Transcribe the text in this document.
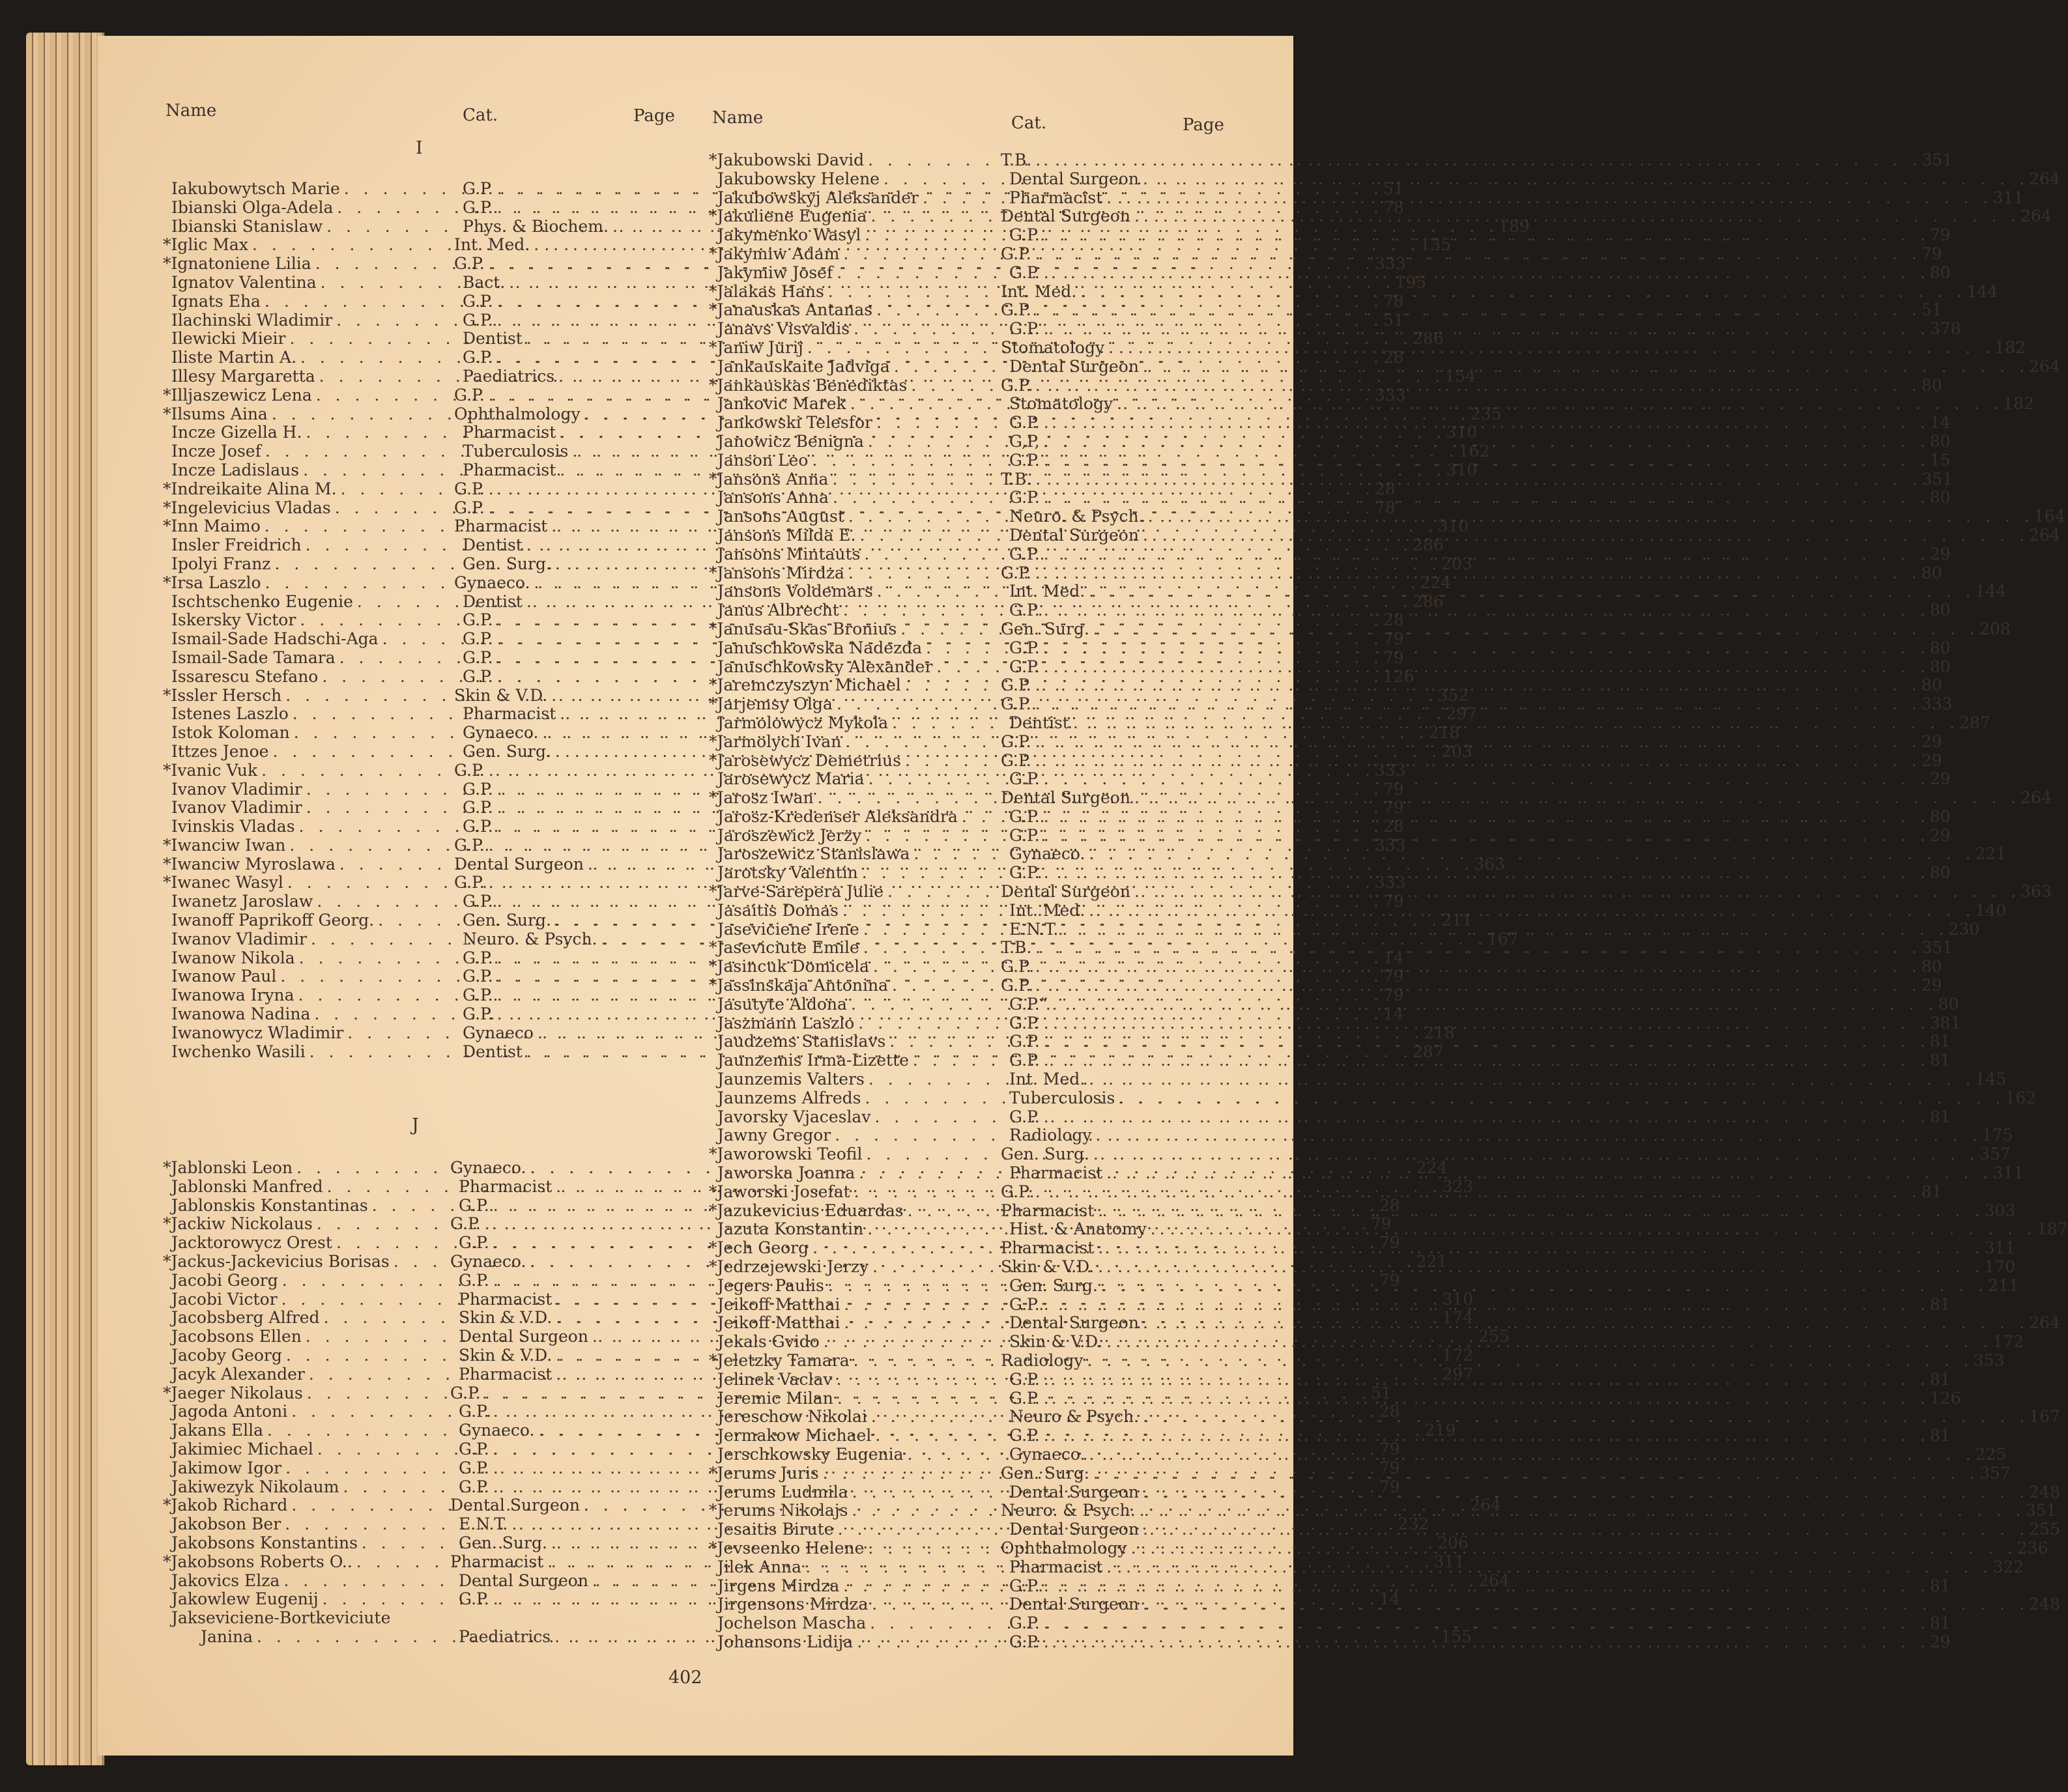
Name	Cat.	Page Name	Cat.	Page
I
J
Iakubowytsch Marie . . .	G.P. . . .	51
Ibianski Olga-Adela . . .	G.P. . . .	78
Ibianski Stanislaw . . .	Phys. & Biochem. . . .	189
*Iglic Max . . .	Int. Med. . . .	135
*Ignatoniene Lilia . . .	G.P. . . .	333
Ignatov Valentina . . .	Bact. . . .	195
Ignats Eha . . .	G.P. . . .	78
Ilachinski Wladimir . . .	G.P. . . .	51
Ilewicki Mieir . . .	Dentist . . .	286
Iliste Martin A. . . .	G.P. . . .	28
Illesy Margaretta . . .	Paediatrics . . .	154
*Illjaszewicz Lena . . .	G.P. . . .	333
*Ilsums Aina . . .	Ophthalmology . . .	235
Incze Gizella H. . . .	Pharmacist . . .	310
Incze Josef . . .	Tuberculosis . . .	162
Incze Ladislaus . . .	Pharmacist . . .	310
*Indreikaite Alina M. . . .	G.P. . . .	28
*Ingelevicius Vladas . . .	G.P. . . .	78
*Inn Maimo . . .	Pharmacist . . .	310
Insler Freidrich . . .	Dentist . . .	286
Ipolyi Franz . . .	Gen. Surg. . . .	203
*Irsa Laszlo . . .	Gynaeco. . . .	224
Ischtschenko Eugenie . . .	Dentist . . .	286
Iskersky Victor . . .	G.P. . . .	28
Ismail-Sade Hadschi-Aga . . .	G.P. . . .	79
Ismail-Sade Tamara . . .	G.P. . . .	79
Issarescu Stefano . . .	G.P. . . .	126
*Issler Hersch . . .	Skin & V.D. . . .	352
Istenes Laszlo . . .	Pharmacist . . .	297
Istok Koloman . . .	Gynaeco. . . .	218
Ittzes Jenoe . . .	Gen. Surg. . . .	203
*Ivanic Vuk . . .	G.P. . . .	333
Ivanov Vladimir . . .	G.P. . . .	79
Ivanov Vladimir . . .	G.P. . . .	79
Ivinskis Vladas . . .	G.P. . . .	28
*Iwanciw Iwan . . .	G.P. . . .	333
*Iwanciw Myroslawa . . .	Dental Surgeon . . .	363
*Iwanec Wasyl . . .	G.P. . . .	333
Iwanetz Jaroslaw . . .	G.P. . . .	79
Iwanoff Paprikoff Georg. . . .	Gen. Surg. . . .	211
Iwanov Vladimir . . .	Neuro. & Psych. . . .	167
Iwanow Nikola . . .	G.P. . . .	14
Iwanow Paul . . .	G.P. . . .	79
Iwanowa Iryna . . .	G.P. . . .	79
Iwanowa Nadina . . .	G.P. . . .	14
Iwanowycz Wladimir . . .	Gynaeco . . .	218
Iwchenko Wasili . . .	Dentist . . .	287
*Jablonski Leon . . .	Gynaeco. . . .	224
Jablonski Manfred . . .	Pharmacist . . .	323
Jablonskis Konstantinas . . .	G.P. . . .	28
*Jackiw Nickolaus . . .	G.P. . . .	79
Jacktorowycz Orest . . .	G.P. . . .	79
*Jackus-Jackevicius Borisas . . .	Gynaeco. . . .	221
Jacobi Georg . . .	G.P. . . .	79
Jacobi Victor . . .	Pharmacist . . .	310
Jacobsberg Alfred . . .	Skin & V.D. . . .	174
Jacobsons Ellen . . .	Dental Surgeon . . .	255
Jacoby Georg . . .	Skin & V.D. . . .	172
Jacyk Alexander . . .	Pharmacist . . .	297
*Jaeger Nikolaus . . .	G.P. . . .	51
Jagoda Antoni . . .	G.P. . . .	28
Jakans Ella . . .	Gynaeco. . . .	219
Jakimiec Michael . . .	G.P. . . .	79
Jakimow Igor . . .	G.P. . . .	79
Jakiwezyk Nikolaum . . .	G.P. . . .	79
*Jakob Richard . . .	Dental Surgeon . . .	264
Jakobson Ber . . .	E.N.T. . . .	232
Jakobsons Konstantins . . .	Gen. Surg. . . .	206
*Jakobsons Roberts O.. . . .	Pharmacist . . .	311
Jakovics Elza . . .	Dental Surgeon . . .	264
Jakowlew Eugenij . . .	G.P. . . .	14
Jakseviciene-Bortkeviciute
Janina . . .	Paediatrics . . .	155
*Jakubowski David . . .	T.B. . . .	351
Jakubowsky Helene . . .	Dental Surgeon . . .	264
Jakubowskyj Aleksander . . .	Pharmacist . . .	311
*Jakuliene Eugenia . . .	Dental Surgeon . . .	264
Jakymenko Wasyl . . .	G.P. . . .	79
*Jakymiw Adam . . .	G.P. . . .	79
Jakymiw Josef . . .	G.P. . . .	80
*Jalakas Hans . . .	Int. Med. . . .	144
*Janauskas Antanas . . .	G.P. . . .	51
Janavs Visvaldis . . .	G.P. . . .	378
*Janiw Jurij . . .	Stomatology . . .	182
Jankauskaite Jadviga . . .	Dental Surgeon . . .	264
*Jankauskas Benediktas . . .	G.P. . . .	80
Jankovic Marek . . .	Stomatology . . .	182
Jankowski Telesfor . . .	G.P. . . .	14
Janowicz Benigna . . .	G,P, . . .	80
Janson Leo . . .	G.P. . . .	15
*Jansons Anna . . .	T.B. . . .	351
Jansons Anna . . .	G.P. . . .	80
Jansons August . . .	Neuro. & Psych. . . .	164
Jansons Milda E. . . .	Dental Surgeon . . .	264
Jansons Mintauts . . .	G.P. . . .	29
*Jansons Mirdza . . .	G.P. . . .	80
Jansons Voldemars . . .	Int. Med. . . .	144
Janus Albrecht . . .	G.P. . . .	80
*Janusau-Skas Bronius . . .	Gen. Surg. . . .	208
Januschkowska Nadezda . . .	G.P. . . .	80
Januschkowsky Alexander . . .	G.P. . . .	80
*Jaremczyszyn Michael . . .	G.P. . . .	80
*Jarjemsy Olga . . .	G.P. . . .	333
Jarmolowycz Mykola . . .	Dentist . . .	287
*Jarmolych Ivan . . .	G.P. . . .	29
*Jarosewycz Demetrius . . .	G.P. . . .	29
Jarosewycz Maria . . .	G.P. . . .	29
*Jarosz Iwan . . .	Dental Surgeon . . .	264
Jarosz-Kredenser Aleksandra . . .	G.P. . . .	80
Jaroszewicz Jerzy . . .	G.P. . . .	29
Jaroszewicz Stanislawa . . .	Gynaeco. . . .	221
Jarotsky Valentin . . .	G.P. . . .	80
*Jarve-Sarepera Julie . . .	Dental Surgeon . . .	363
Jasaitis Domas . . .	Int. Med. . . .	140
Jaseviciene Irene . . .	E.N.T. . . .	230
*Jaseviciute Emile . . .	T.B. . . .	351
*Jasincuk Domicela . . .	G.P. . . .	80
*Jassinskaja Antonina . . .	G.P. . . .	29
Jasutyte Aldona . . .	G.P.” . . .	80
Jaszmann Laszlo . . .	G.P. . . .	381
Jaudzems Stanislavs . . .	G.P. . . .	81
Jaunzemis Irma-Lizette . . .	G.P. . . .	81
Jaunzemis Valters . . .	Int. Med. . . .	145
Jaunzems Alfreds . . .	Tuberculosis . . .	162
Javorsky Vjaceslav . . .	G.P. . . .	81
Jawny Gregor . . .	Radiology . . .	175
*Jaworowski Teofil . . .	Gen. Surg. . . .	357
Jaworska Joanna . . .	Pharmacist . . .	311
*Jaworski Josefat . . .	G.P. . . .	81
*Jazukevicius Eduardas . . .	Pharmacist . . .	303
Jazuta Konstantin . . .	Hist. & Anatomy . . .	187
*Jech Georg . . .	Pharmacist . . .	311
*Jedrzejewski Jerzy . . .	Skin & V.D. . . .	170
Jegers Paulis . . .	Gen. Surg. . . .	211
Jeikoff Matthai . . .	G.P. . . .	81
Jeikoff Matthai . . .	Dental Surgeon . . .	264
Jekals Gvido . . .	Skin & V.D. . . .	172
*Jeletzky Tamara . . .	Radiology . . .	353
Jelinek Vaclav . . .	G.P. . . .	81
Jeremic Milan . . .	G.P. . . .	126
Jereschow Nikolai . . .	Neuro & Psych. . . .	167
Jermakow Michael . . .	G.P. . . .	81
Jerschkowsky Eugenia . . .	Gynaeco. . . .	225
*Jerums Juris . . .	Gen. Surg. . . .	357
Jerums Ludmila . . .	Dental Surgeon . . .	248
*Jerums Nikolajs . . .	Neuro. & Psych. . . .	351
Jesaitis Birute . . .	Dental Surgeon . . .	255
*Jevseenko Helene . . .	Ophthalmology . . .	236
Jilek Anna . . .	Pharmacist . . .	322
Jirgens Mirdza . . .	G.P. . . .	81
Jirgensons Mirdza . . .	Dental Surgeon . . .	248
Jochelson Mascha . . .	G.P. . . .	81
Johansons Lidija . . .	G.P. . . .	29
402
